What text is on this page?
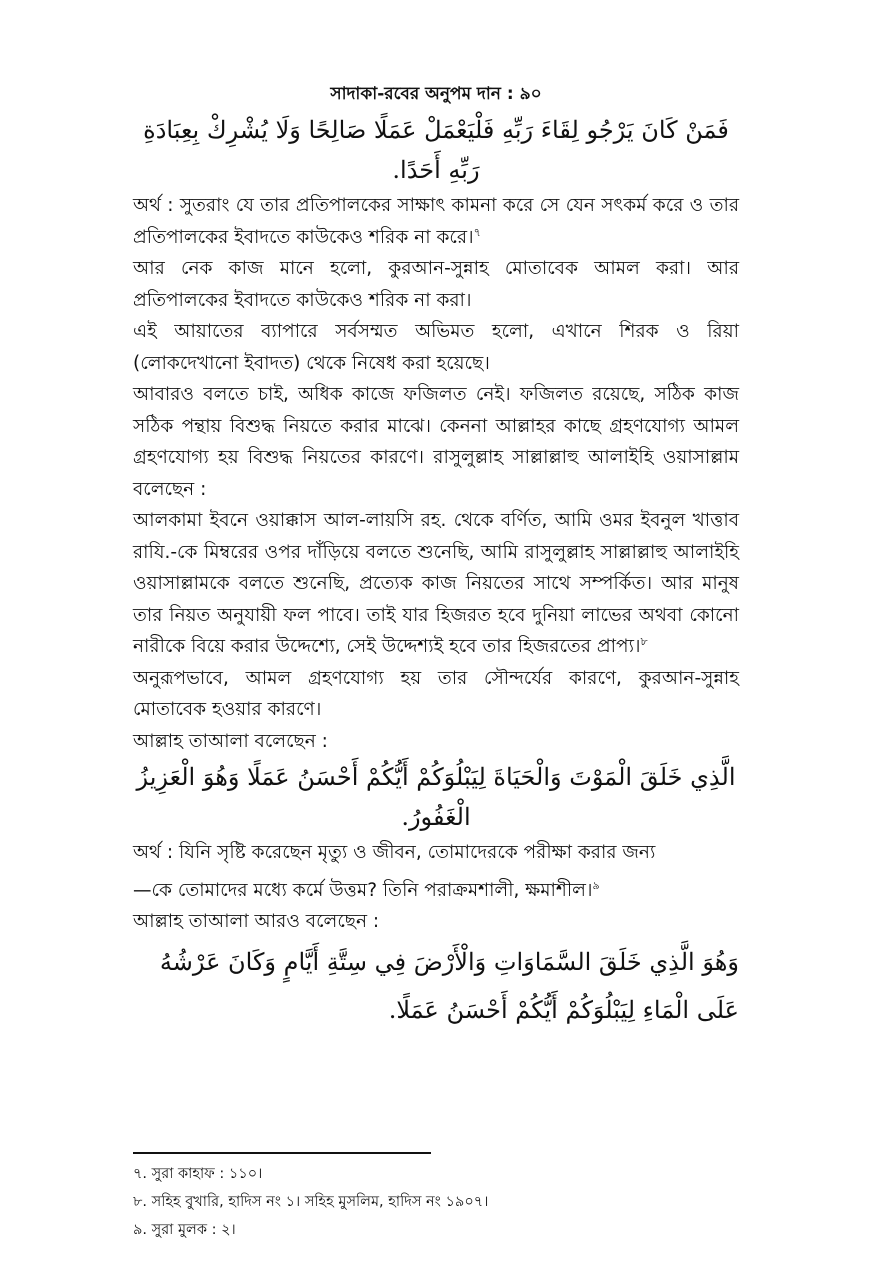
সাদাকা-রবের অনুপম দান : ৯০

فَمَنْ كَانَ يَرْجُو لِقَاءَ رَبِّهِ فَلْيَعْمَلْ عَمَلًا صَالِحًا وَلَا يُشْرِكْ بِعِبَادَةِ رَبِّهِ أَحَدًا.

অর্থ : সুতরাং যে তার প্রতিপালকের সাক্ষাৎ কামনা করে সে যেন সৎকর্ম করে ও তার প্রতিপালকের ইবাদতে কাউকেও শরিক না করে।$^৭$

আর নেক কাজ মানে হলো, কুরআন-সুন্নাহ মোতাবেক আমল করা। আর প্রতিপালকের ইবাদতে কাউকেও শরিক না করা।

এই আয়াতের ব্যাপারে সর্বসম্মত অভিমত হলো, এখানে শিরক ও রিয়া (লোকদেখানো ইবাদত) থেকে নিষেধ করা হয়েছে।

আবারও বলতে চাই, অধিক কাজে ফজিলত নেই। ফজিলত রয়েছে, সঠিক কাজ সঠিক পন্থায় বিশুদ্ধ নিয়তে করার মাঝে। কেননা আল্লাহর কাছে গ্রহণযোগ্য আমল গ্রহণযোগ্য হয় বিশুদ্ধ নিয়তের কারণে। রাসুলুল্লাহ সাল্লাল্লাহু আলাইহি ওয়াসাল্লাম বলেছেন :

আলকামা ইবনে ওয়াক্কাস আল-লায়সি রহ. থেকে বর্ণিত, আমি ওমর ইবনুল খাত্তাব রাযি.-কে মিম্বরের ওপর দাঁড়িয়ে বলতে শুনেছি, আমি রাসুলুল্লাহ সাল্লাল্লাহু আলাইহি ওয়াসাল্লামকে বলতে শুনেছি, প্রত্যেক কাজ নিয়তের সাথে সম্পর্কিত। আর মানুষ তার নিয়ত অনুযায়ী ফল পাবে। তাই যার হিজরত হবে দুনিয়া লাভের অথবা কোনো নারীকে বিয়ে করার উদ্দেশ্যে, সেই উদ্দেশ্যই হবে তার হিজরতের প্রাপ্য।$^৮$

অনুরূপভাবে, আমল গ্রহণযোগ্য হয় তার সৌন্দর্যের কারণে, কুরআন-সুন্নাহ মোতাবেক হওয়ার কারণে।

আল্লাহ তাআলা বলেছেন :

الَّذِي خَلَقَ الْمَوْتَ وَالْحَيَاةَ لِيَبْلُوَكُمْ أَيُّكُمْ أَحْسَنُ عَمَلًا وَهُوَ الْعَزِيزُ الْغَفُورُ.

অর্থ : যিনি সৃষ্টি করেছেন মৃত্যু ও জীবন, তোমাদেরকে পরীক্ষা করার জন্য

—কে তোমাদের মধ্যে কর্মে উত্তম? তিনি পরাক্রমশালী, ক্ষমাশীল।$^৯$

আল্লাহ তাআলা আরও বলেছেন :

وَهُوَ الَّذِي خَلَقَ السَّمَاوَاتِ وَالْأَرْضَ فِي سِتَّةِ أَيَّامٍ وَكَانَ عَرْشُهُ عَلَى الْمَاءِ لِيَبْلُوَكُمْ أَيُّكُمْ أَحْسَنُ عَمَلًا.

৭. সুরা কাহাফ : ১১০।
৮. সহিহ বুখারি, হাদিস নং ১। সহিহ মুসলিম, হাদিস নং ১৯০৭।
৯. সুরা মুলক : ২।
